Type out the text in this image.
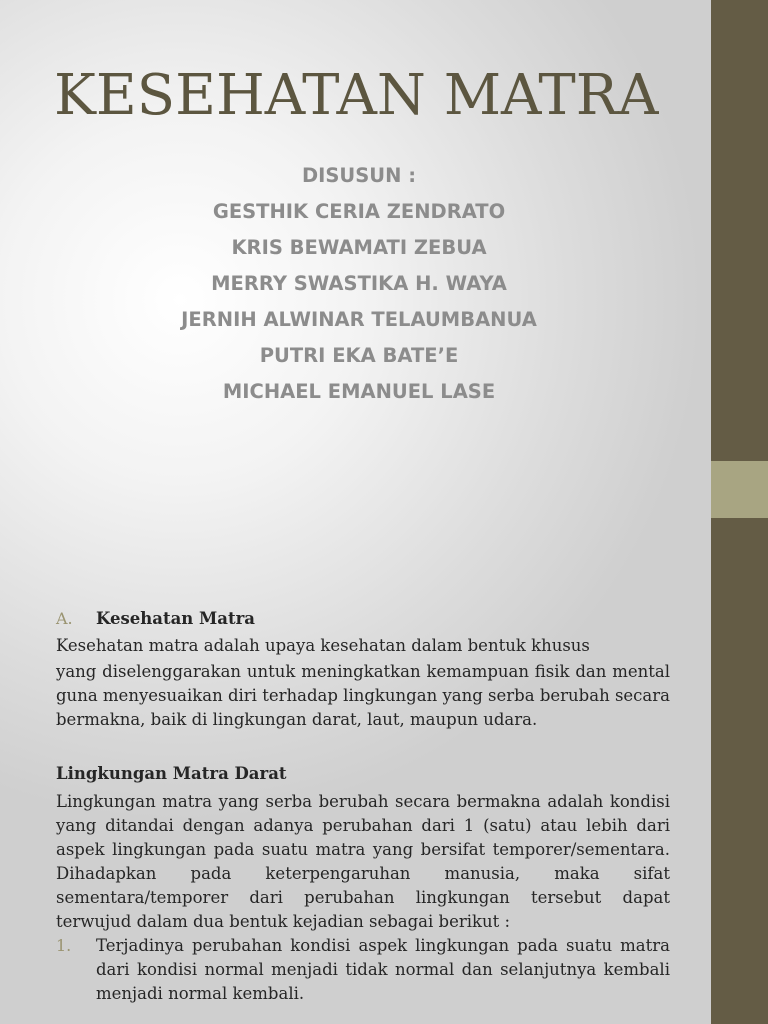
KESEHATAN MATRA
DISUSUN :
GESTHIK CERIA ZENDRATO
KRIS BEWAMATI ZEBUA
MERRY SWASTIKA H. WAYA
JERNIH ALWINAR TELAUMBANUA
PUTRI EKA BATE’E
MICHAEL EMANUEL LASE
A.	Kesehatan Matra

Kesehatan matra adalah upaya kesehatan dalam bentuk khusus

yang diselenggarakan untuk meningkatkan kemampuan fisik dan mental guna menyesuaikan diri terhadap lingkungan yang serba berubah secara bermakna, baik di lingkungan darat, laut, maupun udara.

Lingkungan Matra Darat

Lingkungan matra yang serba berubah secara bermakna adalah kondisi yang ditandai dengan adanya perubahan dari 1 (satu) atau lebih dari aspek lingkungan pada suatu matra yang bersifat temporer/sementara. Dihadapkan pada keterpengaruhan manusia, maka sifat sementara/temporer dari perubahan lingkungan tersebut dapat terwujud dalam dua bentuk kejadian sebagai berikut :

1.	Terjadinya perubahan kondisi aspek lingkungan pada suatu matra dari kondisi normal menjadi tidak normal dan selanjutnya kembali menjadi normal kembali.
